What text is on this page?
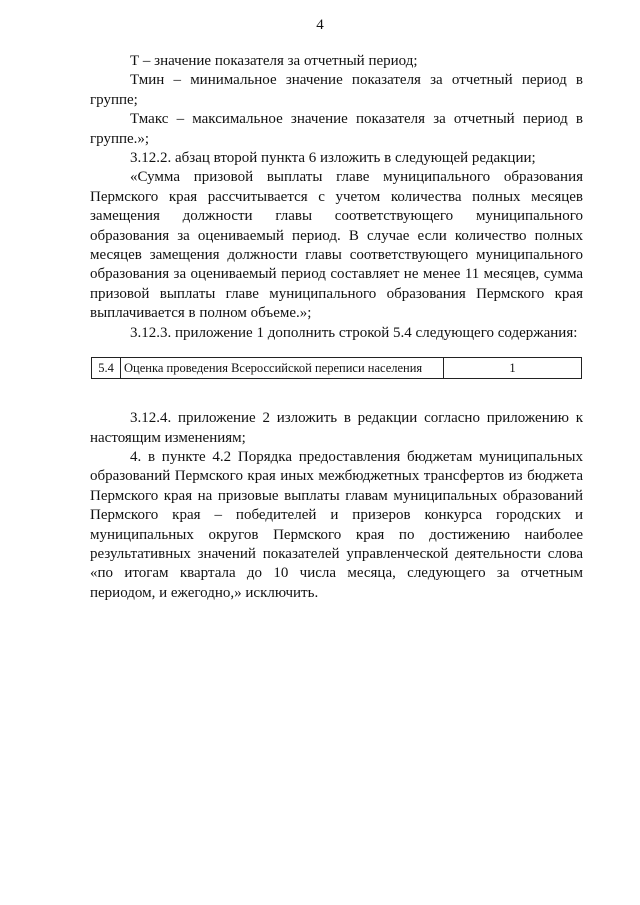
4

Т – значение показателя за отчетный период;

Тмин – минимальное значение показателя за отчетный период в группе;

Тмакс – максимальное значение показателя за отчетный период в группе.»;

3.12.2. абзац второй пункта 6 изложить в следующей редакции;

«Сумма призовой выплаты главе муниципального образования Пермского края рассчитывается с учетом количества полных месяцев замещения должности главы соответствующего муниципального образования за оцениваемый период. В случае если количество полных месяцев замещения должности главы соответствующего муниципального образования за оцениваемый период составляет не менее 11 месяцев, сумма призовой выплаты главе муниципального образования Пермского края выплачивается в полном объеме.»;

3.12.3. приложение 1 дополнить строкой 5.4 следующего содержания:

5.4	Оценка проведения Всероссийской переписи населения	1

3.12.4. приложение 2 изложить в редакции согласно приложению к настоящим изменениям;

4. в пункте 4.2 Порядка предоставления бюджетам муниципальных образований Пермского края иных межбюджетных трансфертов из бюджета Пермского края на призовые выплаты главам муниципальных образований Пермского края – победителей и призеров конкурса городских и муниципальных округов Пермского края по достижению наиболее результативных значений показателей управленческой деятельности слова «по итогам квартала до 10 числа месяца, следующего за отчетным периодом, и ежегодно,» исключить.
